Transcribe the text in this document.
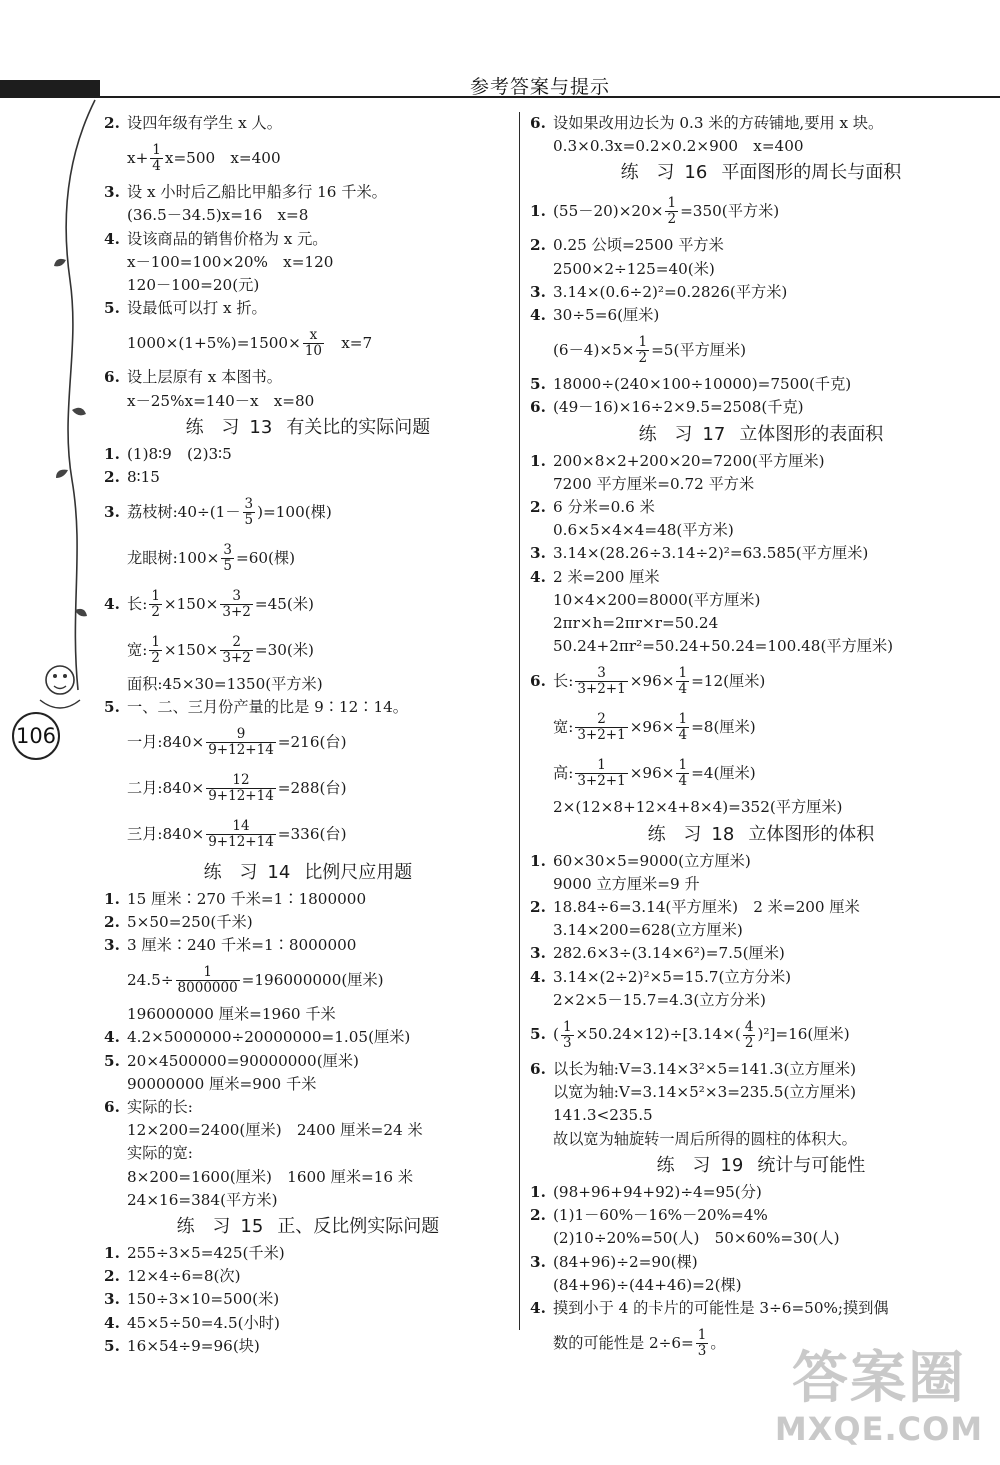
参考答案与提示
106
2. 设四年级有学生 x 人。
$x+ \frac{1}{4} x=500$　x=400
3. 设 x 小时后乙船比甲船多行 16 千米。
(36.5－34.5)x=16　x=8
4. 设该商品的销售价格为 x 元。
x－100=100×20%　x=120
120－100=20(元)
5. 设最低可以打 x 折。
$1000\times(1+5\%)=1500\times \frac{x}{10}$ 　x=7
6. 设上层原有 x 本图书。
x－25%x=140－x　x=80
练 习 13 有关比的实际问题
1. (1)8∶9　(2)3∶5
2. 8∶15
3. 荔枝树:40÷ $(1- \frac{3}{5} )=100$(棵)
龙眼树:100× $\frac{3}{5} =60$(棵)
4. 长: $\frac{1}{2} \times 150\times \frac{3}{3+2} =45$(米)
宽: $\frac{1}{2} \times 150\times \frac{2}{3+2} =30$(米)
面积:45×30=1350(平方米)
5. 一、二、三月份产量的比是 9∶12∶14。
一月:840× $\frac{9}{9+12+14} =216$(台)
二月:840× $\frac{12}{9+12+14} =288$(台)
三月:840× $\frac{14}{9+12+14} =336$(台)
练 习 14 比例尺应用题
1. 15 厘米∶270 千米=1∶1800000
2. 5×50=250(千米)
3. 3 厘米∶240 千米=1∶8000000
$24.5\div \frac{1}{8000000} =196000000$(厘米)
196000000 厘米=1960 千米
4. 4.2×5000000÷20000000=1.05(厘米)
5. 20×4500000=90000000(厘米)
90000000 厘米=900 千米
6. 实际的长:
12×200=2400(厘米)　2400 厘米=24 米
实际的宽:
8×200=1600(厘米)　1600 厘米=16 米
24×16=384(平方米)
练 习 15 正、反比例实际问题
1. 255÷3×5=425(千米)
2. 12×4÷6=8(次)
3. 150÷3×10=500(米)
4. 45×5÷50=4.5(小时)
5. 16×54÷9=96(块)
6. 设如果改用边长为 0.3 米的方砖铺地,要用 x 块。
0.3×0.3x=0.2×0.2×900　x=400
练 习 16 平面图形的周长与面积
1. $(55-20)\times 20\times \frac{1}{2} =350$(平方米)
2. 0.25 公顷=2500 平方米
2500×2÷125=40(米)
3. 3.14×(0.6÷2)²=0.2826(平方米)
4. 30÷5=6(厘米)
$(6-4)\times 5\times \frac{1}{2} =5$(平方厘米)
5. 18000÷(240×100÷10000)=7500(千克)
6. (49－16)×16÷2×9.5=2508(千克)
练 习 17 立体图形的表面积
1. 200×8×2+200×20=7200(平方厘米)
7200 平方厘米=0.72 平方米
2. 6 分米=0.6 米
0.6×5×4×4=48(平方米)
3. 3.14×(28.26÷3.14÷2)²=63.585(平方厘米)
4. 2 米=200 厘米
10×4×200=8000(平方厘米)
2πr×h=2πr×r=50.24
50.24+2πr²=50.24+50.24=100.48(平方厘米)
6. 长: $\frac{3}{3+2+1} \times 96\times \frac{1}{4} =12$(厘米)
宽: $\frac{2}{3+2+1} \times 96\times \frac{1}{4} =8$(厘米)
高: $\frac{1}{3+2+1} \times 96\times \frac{1}{4} =4$(厘米)
2×(12×8+12×4+8×4)=352(平方厘米)
练 习 18 立体图形的体积
1. 60×30×5=9000(立方厘米)
9000 立方厘米=9 升
2. 18.84÷6=3.14(平方厘米)　2 米=200 厘米
3.14×200=628(立方厘米)
3. 282.6×3÷(3.14×6²)=7.5(厘米)
4. 3.14×(2÷2)²×5=15.7(立方分米)
2×2×5－15.7=4.3(立方分米)
5. ( $\frac{1}{3} \times 50.24\times 12)\div[3.14\times( \frac{4}{2} )^2]=16$(厘米)
6. 以长为轴:V=3.14×3²×5=141.3(立方厘米)
以宽为轴:V=3.14×5²×3=235.5(立方厘米)
141.3<235.5
故以宽为轴旋转一周后所得的圆柱的体积大。
练 习 19 统计与可能性
1. (98+96+94+92)÷4=95(分)
2. (1)1－60%－16%－20%=4%
(2)10÷20%=50(人)　50×60%=30(人)
3. (84+96)÷2=90(棵)
(84+96)÷(44+46)=2(棵)
4. 摸到小于 4 的卡片的可能性是 3÷6=50%;摸到偶
数的可能性是 $2\div 6= \frac{1}{3}$ 。
答案圈
MXQE.COM
